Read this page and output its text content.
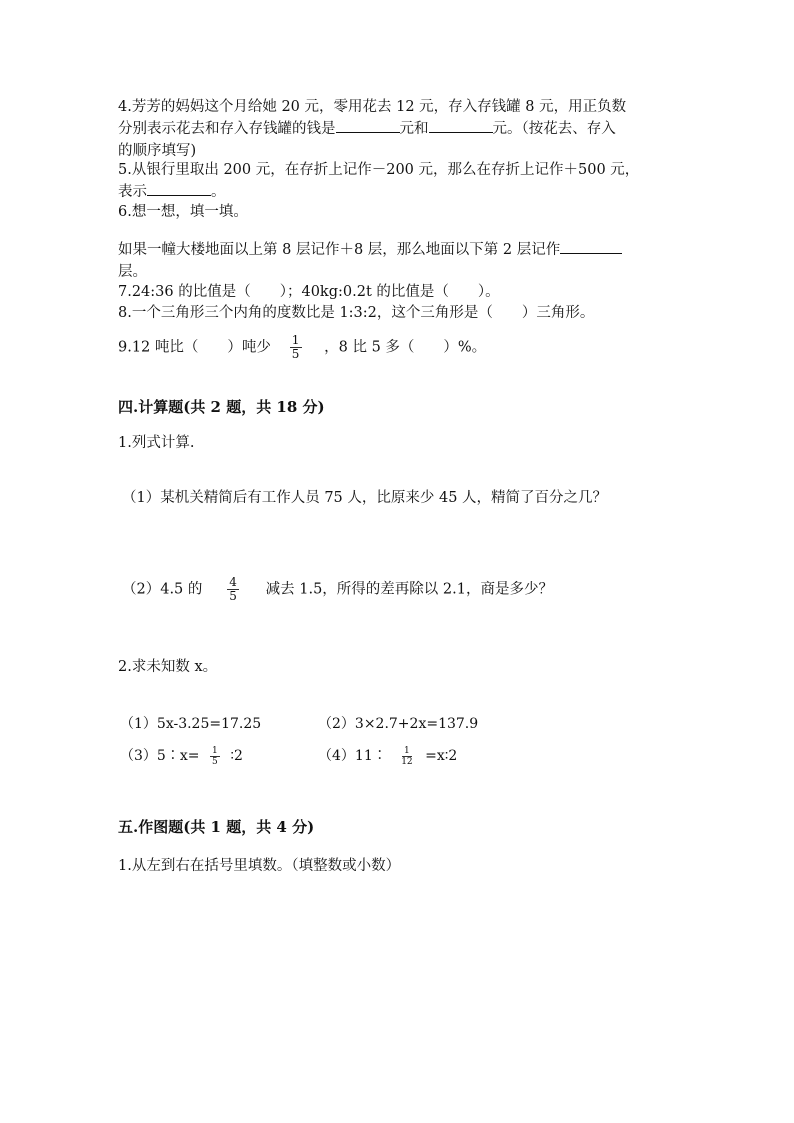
4.芳芳的妈妈这个月给她 20 元，零用花去 12 元，存入存钱罐 8 元，用正负数
分别表示花去和存入存钱罐的钱是	元和	元。（按花去、存入
的顺序填写)
5.从银行里取出 200 元，在存折上记作－200 元，那么在存折上记作＋500 元，
表示	。
6.想一想，填一填。
如果一幢大楼地面以上第 8 层记作＋8 层，那么地面以下第 2 层记作
层。
7.24:36 的比值是（　　）；40kg:0.2t 的比值是（　　）。
8.一个三角形三个内角的度数比是 1:3:2，这个三角形是（　　）三角形。
9.12 吨比（　　）吨少 $\frac{1}{5}$ ，8 比 5 多（　　）%。
四.计算题(共 2 题，共 18 分)
1.列式计算.
（1）某机关精简后有工作人员 75 人，比原来少 45 人，精简了百分之几？
（2）4.5 的 $\frac{4}{5}$ 减去 1.5，所得的差再除以 2.1，商是多少？
2.求未知数 x。
（1）5x-3.25=17.25	（2）3×2.7+2x=137.9
（3）5∶x= $\frac{1}{5}$ ∶2	（4）11∶ $\frac{1}{12}$ =x∶2
五.作图题(共 1 题，共 4 分)
1.从左到右在括号里填数。（填整数或小数）
